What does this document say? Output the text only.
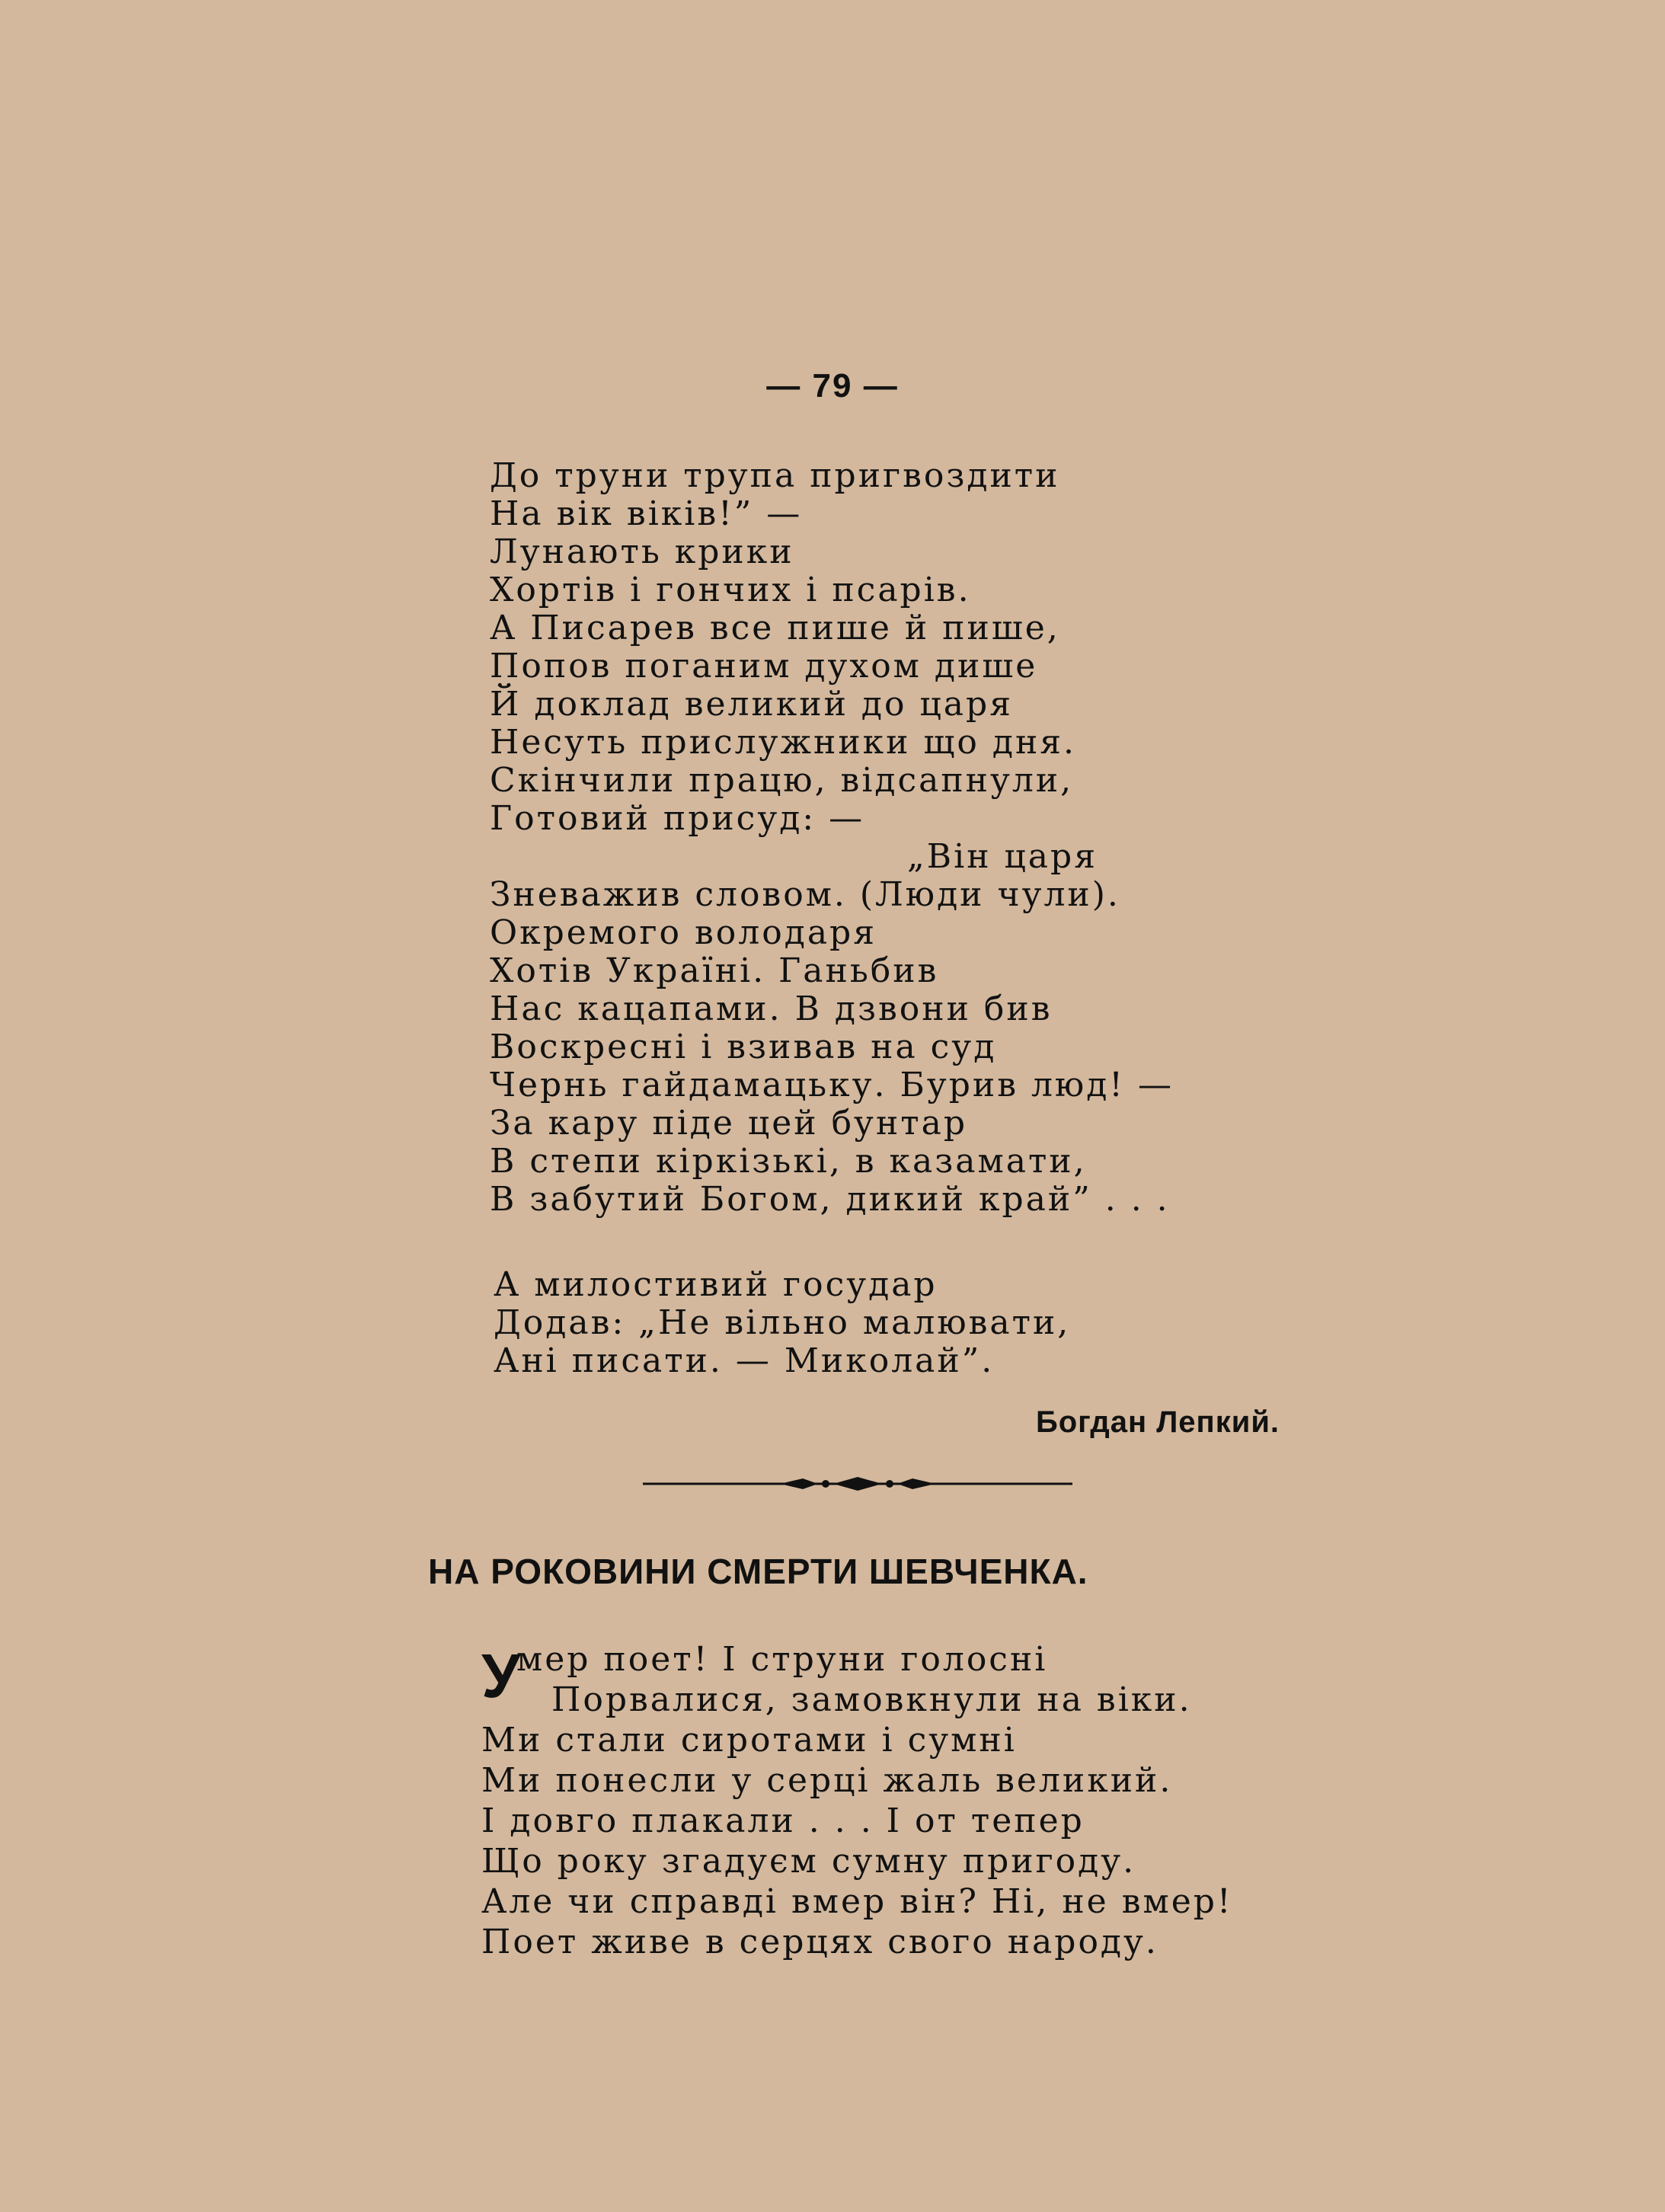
— 79 —
До труни трупа пригвоздити
На вік віків!” —
Лунають крики
Хортів і гончих і псарів.
А Писарев все пише й пише,
Попов поганим духом дише
Й доклад великий до царя
Несуть прислужники що дня.
Скінчили працю, відсапнули,
Готовий присуд: —
„Він царя
Зневажив словом. (Люди чули).
Окремого володаря
Хотів Україні. Ганьбив
Нас кацапами. В дзвони бив
Воскресні і взивав на суд
Чернь гайдамацьку. Бурив люд! —
За кару піде цей бунтар
В степи кіркізькі, в казамати,
В забутий Богом, дикий край” . . .
А милостивий государ
Додав: „Не вільно малювати,
Ані писати. — Миколай”.
Богдан Лепкий.
НА РОКОВИНИ СМЕРТИ ШЕВЧЕНКА.
У
мер поет! І струни голосні
Порвалися, замовкнули на віки.
Ми стали сиротами і сумні
Ми понесли у серці жаль великий.
І довго плакали . . . І от тепер
Що року згадуєм сумну пригоду.
Але чи справді вмер він? Ні, не вмер!
Поет живе в серцях свого народу.
